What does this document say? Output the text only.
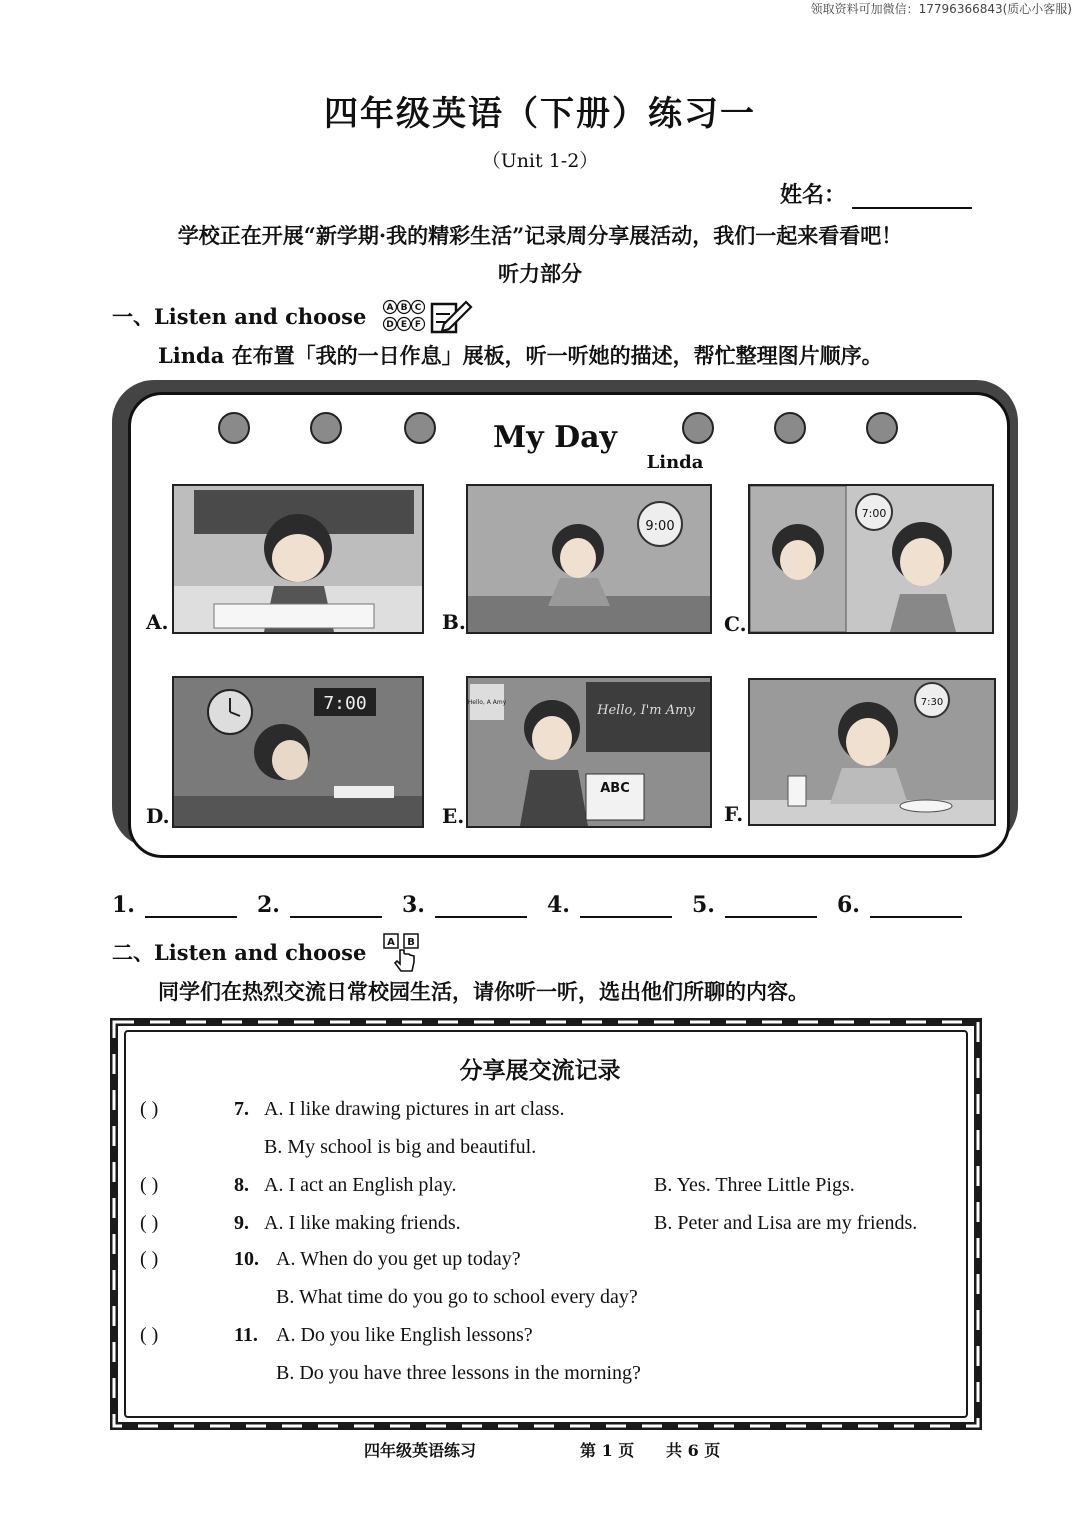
领取资料可加微信：17796366843(质心小客服)
四年级英语（下册）练习一
（Unit 1-2）
姓名：
学校正在开展“新学期·我的精彩生活”记录周分享展活动，我们一起来看看吧！
听力部分
一、Listen and choose A B C
D E F
Linda 在布置「我的一日作息」展板，听一听她的描述，帮忙整理图片顺序。
My Day
Linda
A.	B.
9:00
C.
7:00
D.
7:00
E.
Hello, I'm Amy
Hello, A Amy
ABC
F.
7:30
1.	2.	3.	4.	5.	6.
二、Listen and choose A B
同学们在热烈交流日常校园生活，请你听一听，选出他们所聊的内容。
分享展交流记录
( )	7. A. I like drawing pictures in art class.
B. My school is big and beautiful.
( )	8. A. I act an English play.	B. Yes. Three Little Pigs.
( )	9. A. I like making friends.	B. Peter and Lisa are my friends.
( )	10. A. When do you get up today?
B. What time do you go to school every day?
( )	11. A. Do you like English lessons?
B. Do you have three lessons in the morning?
四年级英语练习	第 1 页 共 6 页
